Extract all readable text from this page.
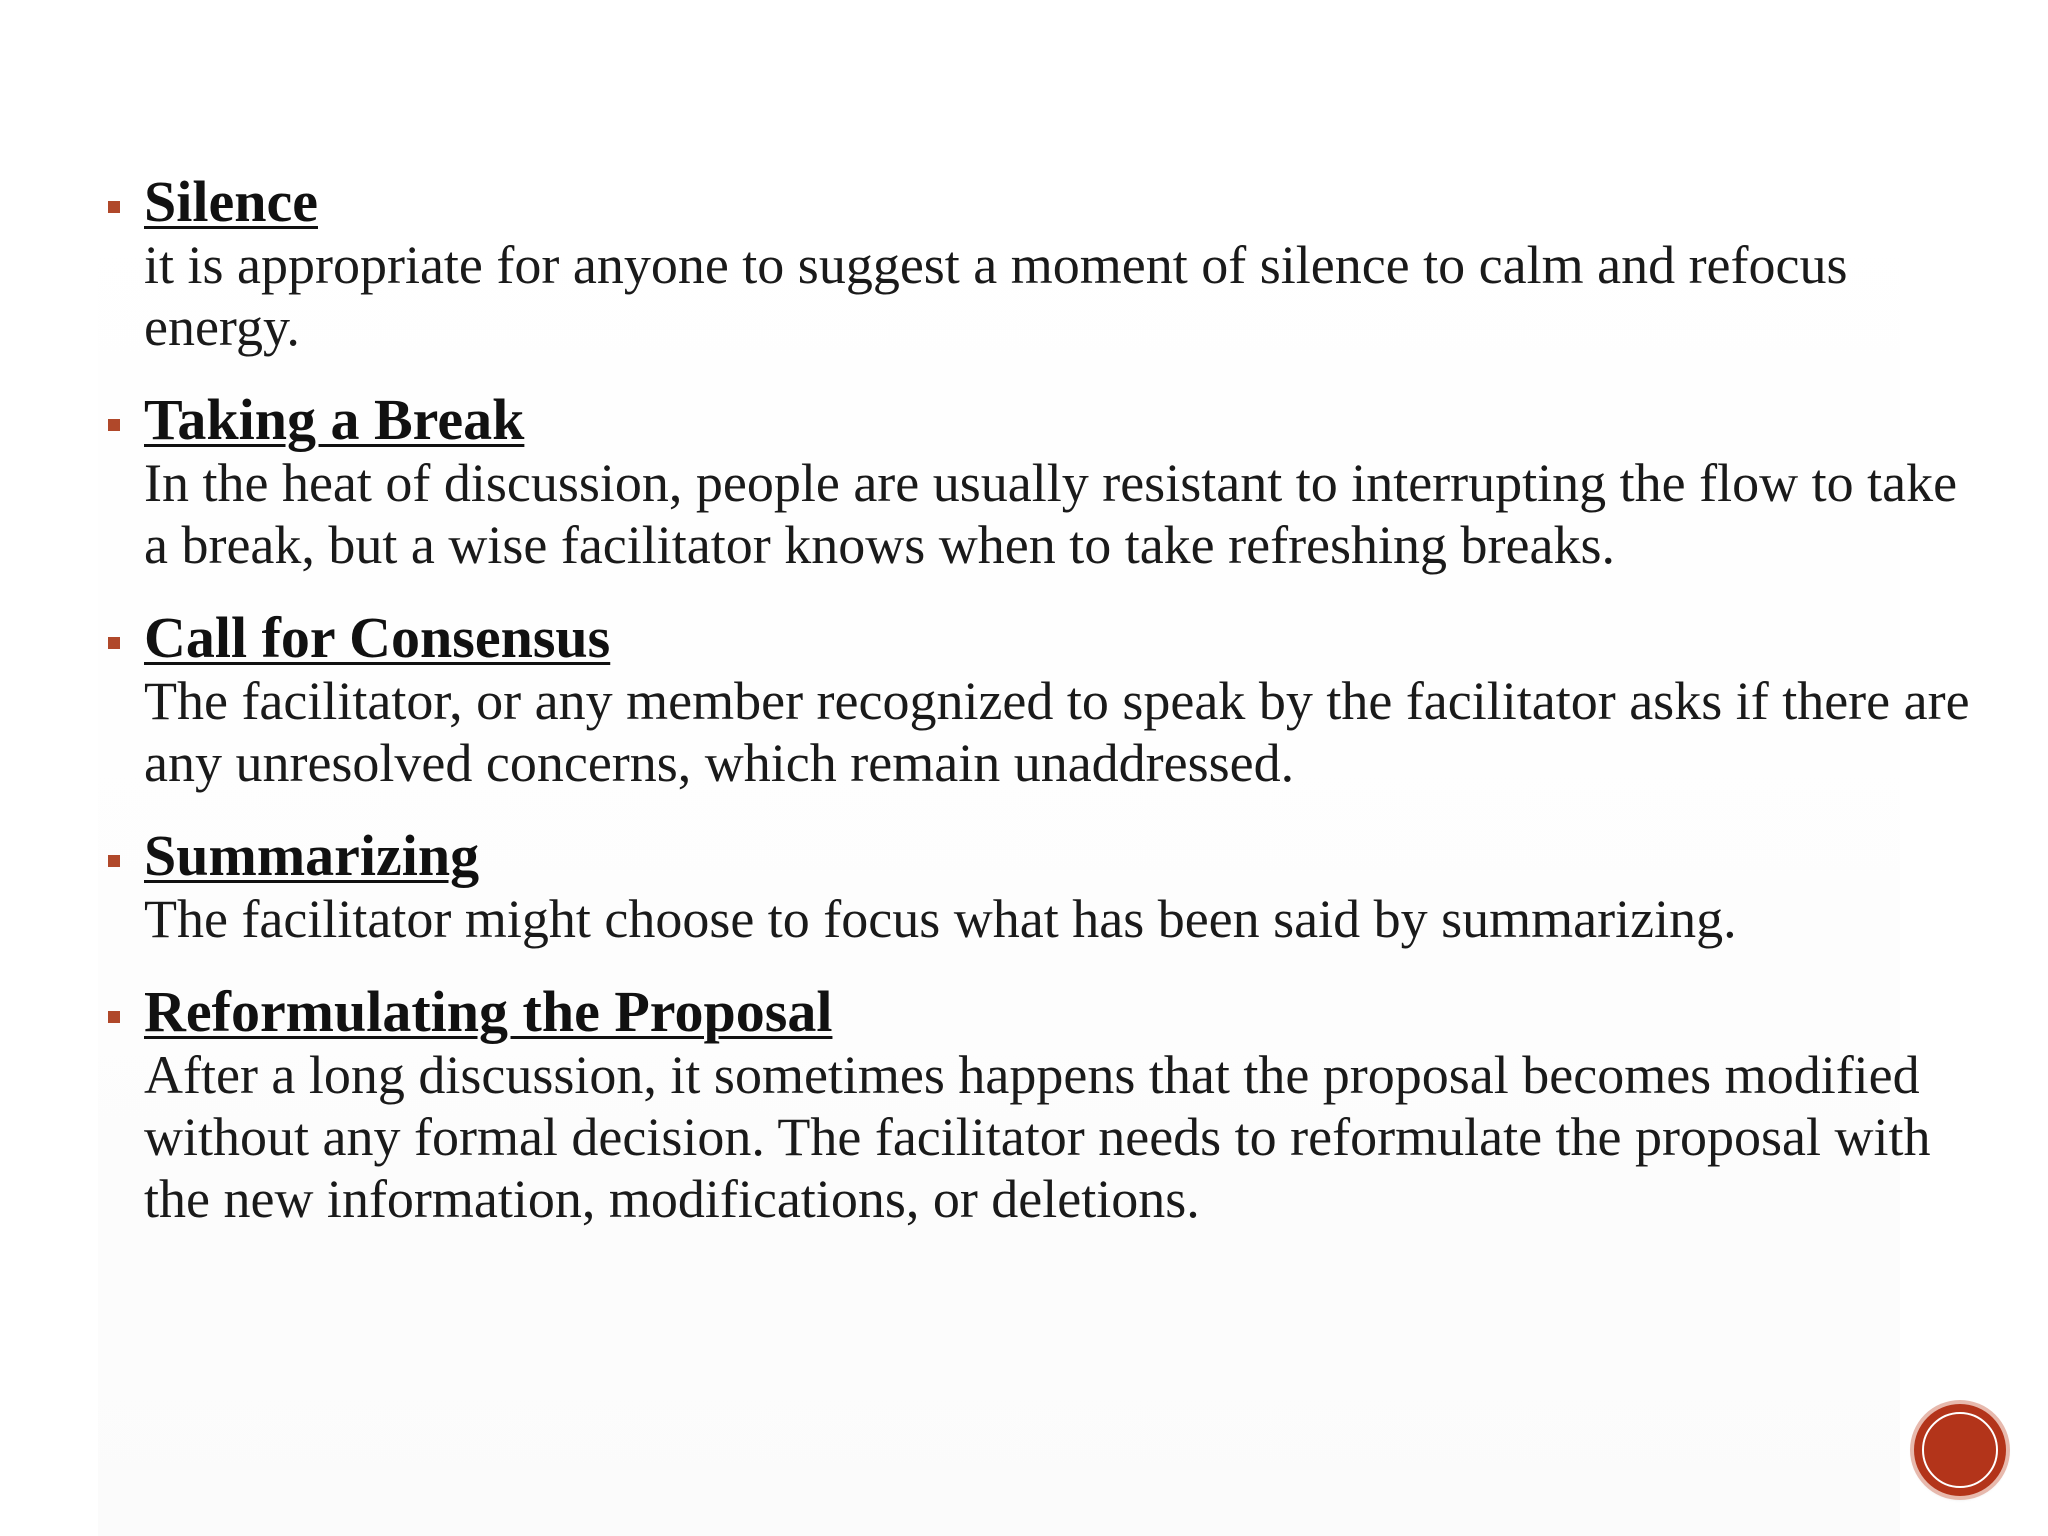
Silence
it is appropriate for anyone to suggest a moment of silence to calm and refocus energy.
Taking a Break
In the heat of discussion, people are usually resistant to interrupting the flow to take a break, but a wise facilitator knows when to take refreshing breaks.
Call for Consensus
The facilitator, or any member recognized to speak by the facilitator asks if there are any unresolved concerns, which remain unaddressed.
Summarizing
The facilitator might choose to focus what has been said by summarizing.
Reformulating the Proposal
After a long discussion, it sometimes happens that the proposal becomes modified without any formal decision. The facilitator needs to reformulate the proposal with the new information, modifications, or deletions.
